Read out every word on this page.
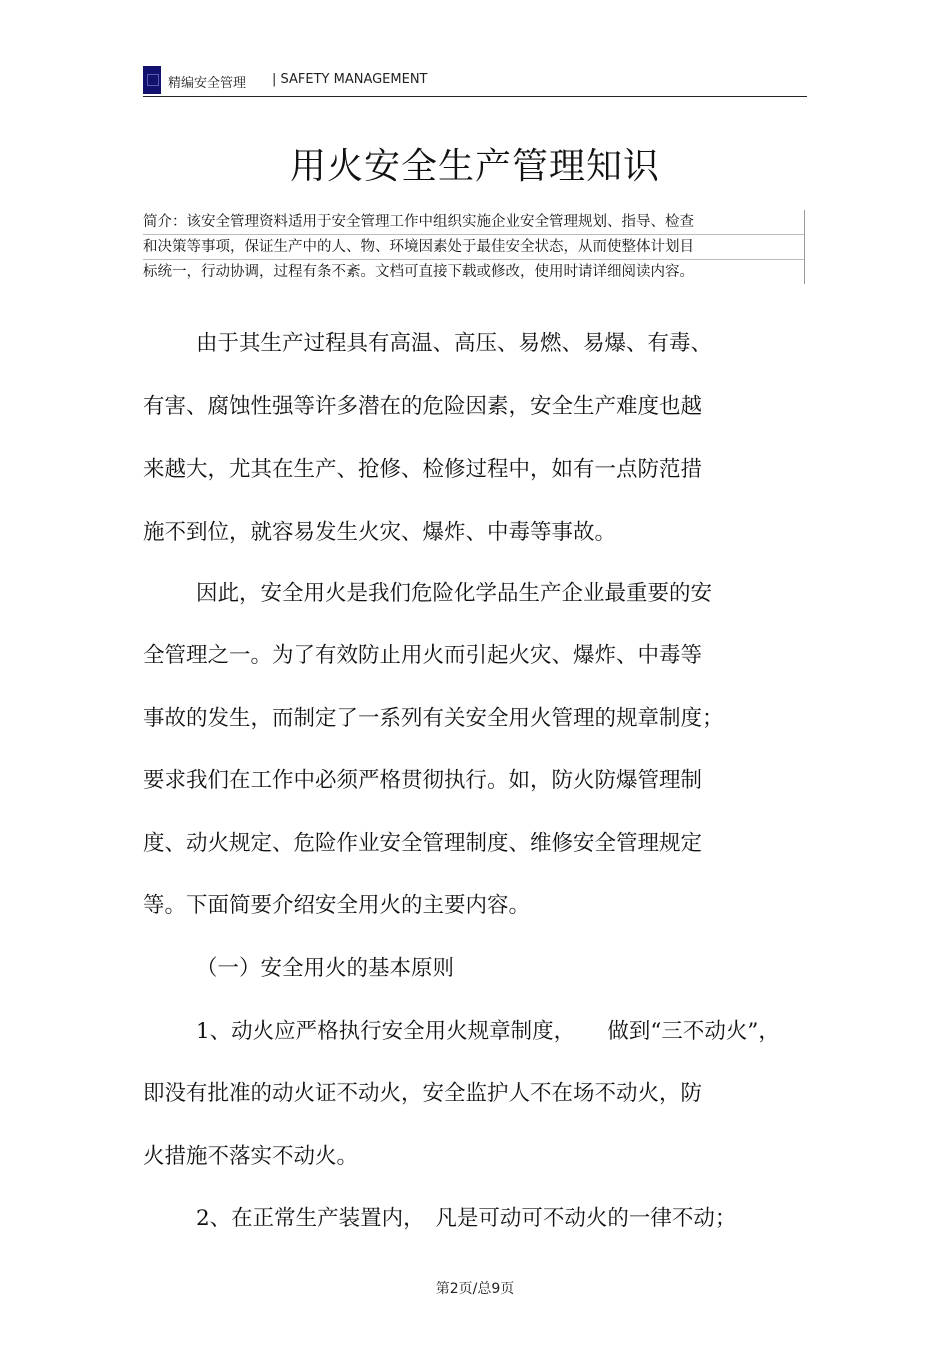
精编安全管理 | SAFETY MANAGEMENT
用火安全生产管理知识
简介：该安全管理资料适用于安全管理工作中组织实施企业安全管理规划、指导、检查
和决策等事项，保证生产中的人、物、环境因素处于最佳安全状态，从而使整体计划目
标统一，行动协调，过程有条不紊。文档可直接下载或修改，使用时请详细阅读内容。
由于其生产过程具有高温、高压、易燃、易爆、有毒、
有害、腐蚀性强等许多潜在的危险因素，安全生产难度也越
来越大，尤其在生产、抢修、检修过程中，如有一点防范措
施不到位，就容易发生火灾、爆炸、中毒等事故。
因此，安全用火是我们危险化学品生产企业最重要的安
全管理之一。为了有效防止用火而引起火灾、爆炸、中毒等
事故的发生，而制定了一系列有关安全用火管理的规章制度；
要求我们在工作中必须严格贯彻执行。如，防火防爆管理制
度、动火规定、危险作业安全管理制度、维修安全管理规定
等。下面简要介绍安全用火的主要内容。
（一）安全用火的基本原则
1、动火应严格执行安全用火规章制度，　　做到“三不动火”，
即没有批准的动火证不动火，安全监护人不在场不动火，防
火措施不落实不动火。
2、在正常生产装置内，　凡是可动可不动火的一律不动；
第2页/总9页
